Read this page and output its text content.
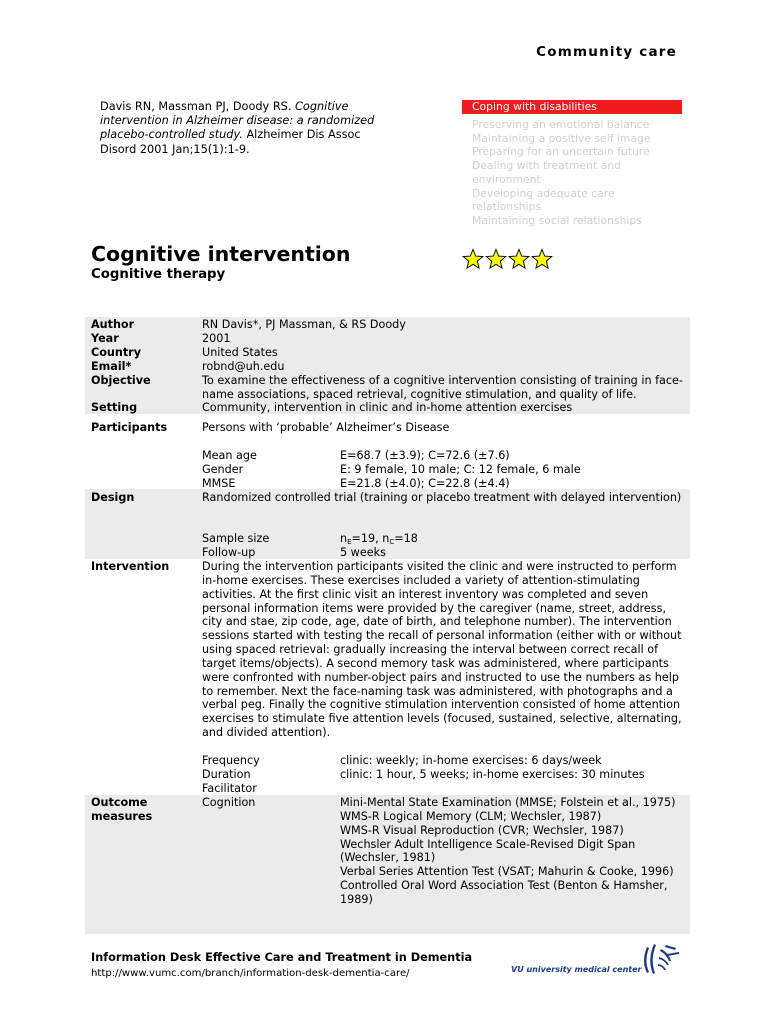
Community care
Davis RN, Massman PJ, Doody RS. Cognitive intervention in Alzheimer disease: a randomized placebo-controlled study. Alzheimer Dis Assoc Disord 2001 Jan;15(1):1-9.
Coping with disabilities
Preserving an emotional balance
Maintaining a positive self image
Preparing for an uncertain future
Dealing with treatment and environment
Developing adequate care relationships
Maintaining social relationships
Cognitive intervention
Cognitive therapy
Author	RN Davis*, PJ Massman, & RS Doody
Year	2001
Country	United States
Email*	robnd@uh.edu
Objective	To examine the effectiveness of a cognitive intervention consisting of training in face-name associations, spaced retrieval, cognitive stimulation, and quality of life.
Setting	Community, intervention in clinic and in-home attention exercises
Participants	Persons with ‘probable’ Alzheimer’s Disease
Mean age	E=68.7 (±3.9); C=72.6 (±7.6)
Gender	E: 9 female, 10 male; C: 12 female, 6 male
MMSE	E=21.8 (±4.0); C=22.8 (±4.4)
Design	Randomized controlled trial (training or placebo treatment with delayed intervention)
Sample size	$n_E=19$, $n_C=18$
Follow-up	5 weeks
Intervention	During the intervention participants visited the clinic and were instructed to perform in-home exercises. These exercises included a variety of attention-stimulating activities. At the first clinic visit an interest inventory was completed and seven personal information items were provided by the caregiver (name, street, address, city and stae, zip code, age, date of birth, and telephone number). The intervention sessions started with testing the recall of personal information (either with or without using spaced retrieval: gradually increasing the interval between correct recall of target items/objects). A second memory task was administered, where participants were confronted with number-object pairs and instructed to use the numbers as help to remember. Next the face-naming task was administered, with photographs and a verbal peg. Finally the cognitive stimulation intervention consisted of home attention exercises to stimulate five attention levels (focused, sustained, selective, alternating, and divided attention).
Frequency	clinic: weekly; in-home exercises: 6 days/week
Duration	clinic: 1 hour, 5 weeks; in-home exercises: 30 minutes
Facilitator
Outcome
measures
Cognition	Mini-Mental State Examination (MMSE; Folstein et al., 1975)
WMS-R Logical Memory (CLM; Wechsler, 1987)
WMS-R Visual Reproduction (CVR; Wechsler, 1987)
Wechsler Adult Intelligence Scale-Revised Digit Span (Wechsler, 1981)
Verbal Series Attention Test (VSAT; Mahurin & Cooke, 1996)
Controlled Oral Word Association Test (Benton & Hamsher, 1989)
Information Desk Effective Care and Treatment in Dementia
http://www.vumc.com/branch/information-desk-dementia-care/	VU university medical center
